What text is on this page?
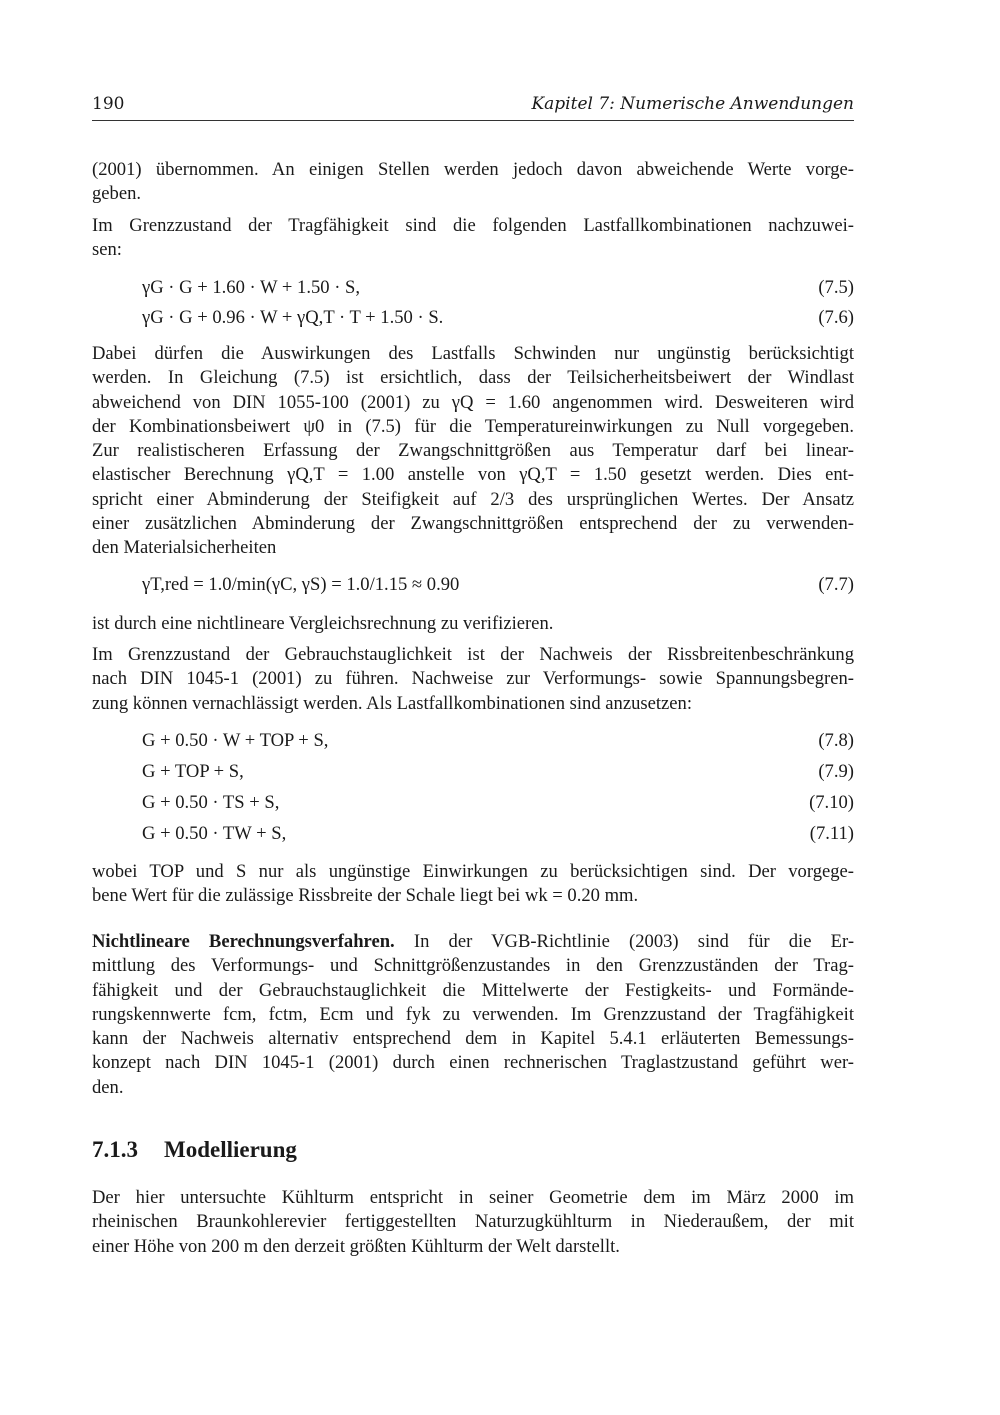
190	Kapitel 7: Numerische Anwendungen
(2001) übernommen. An einigen Stellen werden jedoch davon abweichende Werte vorge-
geben.
Im Grenzzustand der Tragfähigkeit sind die folgenden Lastfallkombinationen nachzuwei-
sen:
γG · G + 1.60 · W + 1.50 · S,	(7.5)
γG · G + 0.96 · W + γQ,T · T + 1.50 · S.	(7.6)
Dabei dürfen die Auswirkungen des Lastfalls Schwinden nur ungünstig berücksichtigt
werden. In Gleichung (7.5) ist ersichtlich, dass der Teilsicherheitsbeiwert der Windlast
abweichend von DIN 1055-100 (2001) zu γQ = 1.60 angenommen wird. Desweiteren wird
der Kombinationsbeiwert ψ0 in (7.5) für die Temperatureinwirkungen zu Null vorgegeben.
Zur realistischeren Erfassung der Zwangschnittgrößen aus Temperatur darf bei linear-
elastischer Berechnung γQ,T = 1.00 anstelle von γQ,T = 1.50 gesetzt werden. Dies ent-
spricht einer Abminderung der Steifigkeit auf 2/3 des ursprünglichen Wertes. Der Ansatz
einer zusätzlichen Abminderung der Zwangschnittgrößen entsprechend der zu verwenden-
den Materialsicherheiten
γT,red = 1.0/min(γC, γS) = 1.0/1.15 ≈ 0.90	(7.7)
ist durch eine nichtlineare Vergleichsrechnung zu verifizieren.
Im Grenzzustand der Gebrauchstauglichkeit ist der Nachweis der Rissbreitenbeschränkung
nach DIN 1045-1 (2001) zu führen. Nachweise zur Verformungs- sowie Spannungsbegren-
zung können vernachlässigt werden. Als Lastfallkombinationen sind anzusetzen:
G + 0.50 · W + TOP + S,	(7.8)
G + TOP + S,	(7.9)
G + 0.50 · TS + S,	(7.10)
G + 0.50 · TW + S,	(7.11)
wobei TOP und S nur als ungünstige Einwirkungen zu berücksichtigen sind. Der vorgege-
bene Wert für die zulässige Rissbreite der Schale liegt bei wk = 0.20 mm.
Nichtlineare Berechnungsverfahren. In der VGB-Richtlinie (2003) sind für die Er-
mittlung des Verformungs- und Schnittgrößenzustandes in den Grenzzuständen der Trag-
fähigkeit und der Gebrauchstauglichkeit die Mittelwerte der Festigkeits- und Formände-
rungskennwerte fcm, fctm, Ecm und fyk zu verwenden. Im Grenzzustand der Tragfähigkeit
kann der Nachweis alternativ entsprechend dem in Kapitel 5.4.1 erläuterten Bemessungs-
konzept nach DIN 1045-1 (2001) durch einen rechnerischen Traglastzustand geführt wer-
den.
7.1.3 Modellierung
Der hier untersuchte Kühlturm entspricht in seiner Geometrie dem im März 2000 im
rheinischen Braunkohlerevier fertiggestellten Naturzugkühlturm in Niederaußem, der mit
einer Höhe von 200 m den derzeit größten Kühlturm der Welt darstellt.
